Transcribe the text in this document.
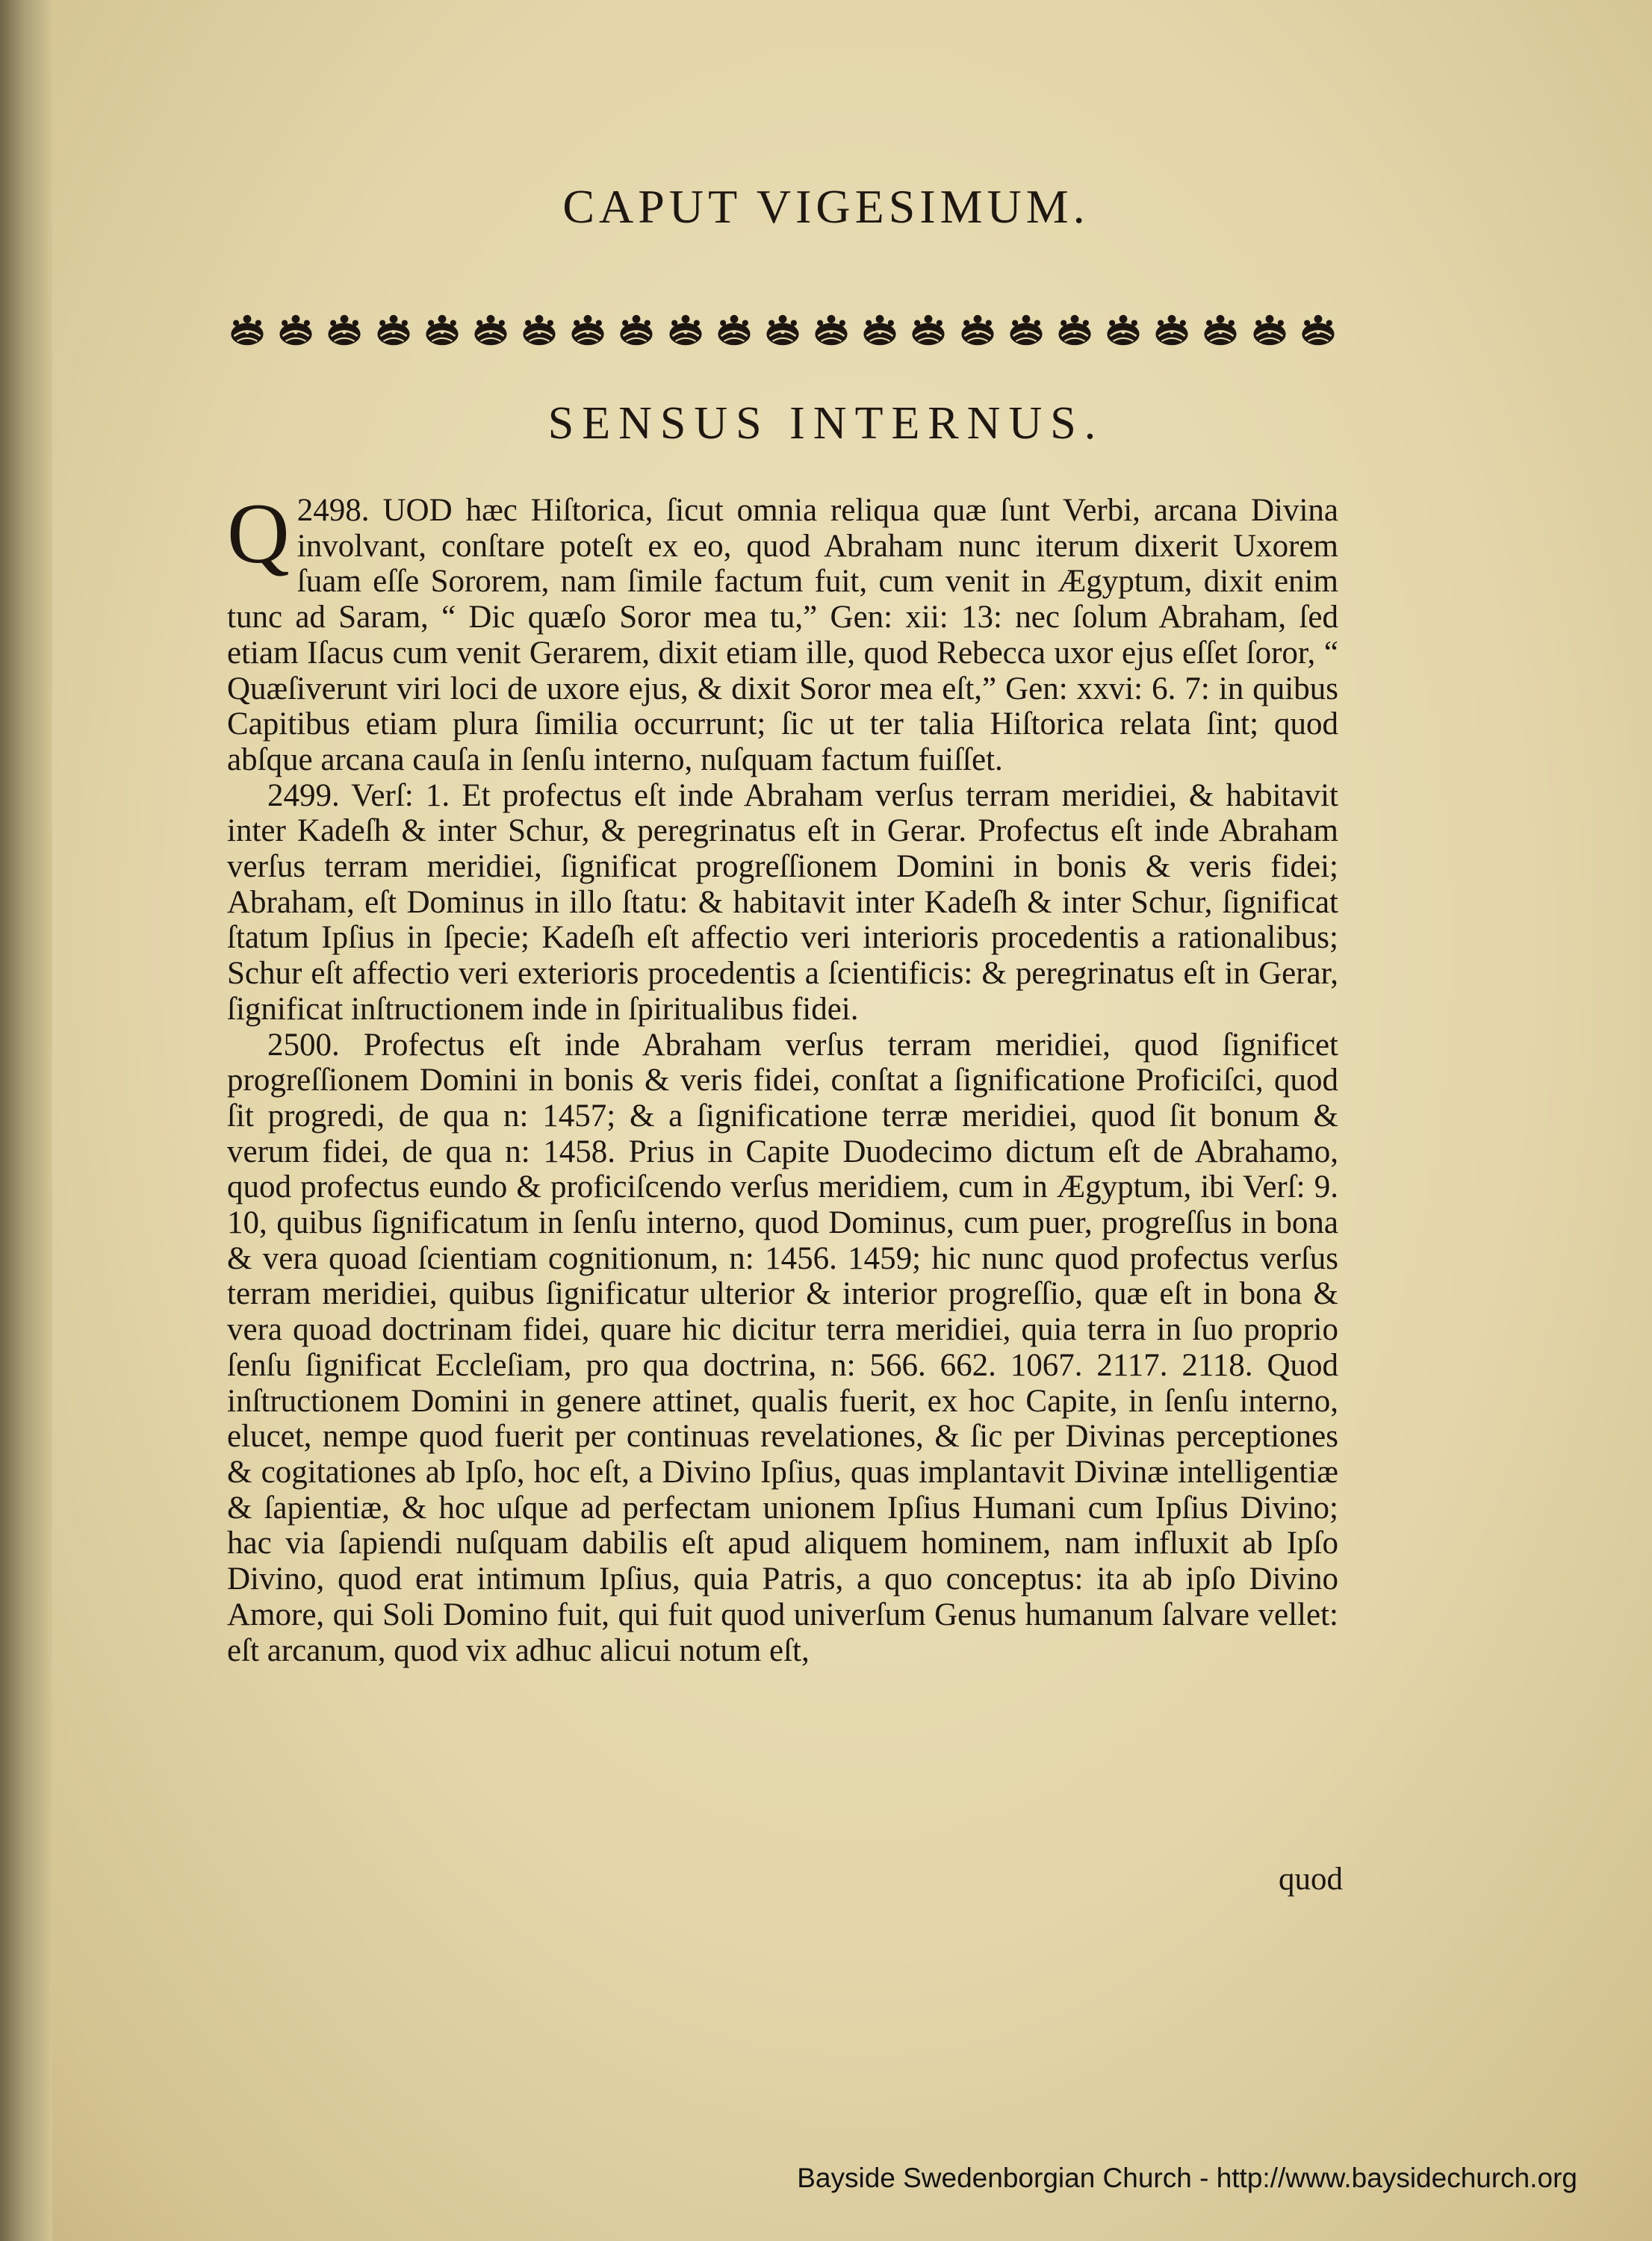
CAPUT VIGESIMUM.
SENSUS INTERNUS.

2498.
Q	UOD hæc Hiſtorica, ſicut omnia reliqua quæ ſunt Verbi, arcana Divina involvant, conſtare poteſt ex eo, quod Abraham nunc iterum dixerit Uxorem ſuam eſſe Sororem, nam ſimile factum fuit, cum venit in Ægyptum, dixit enim tunc ad Saram, “ Dic quæſo Soror mea tu,” Gen: xii: 13: nec ſolum Abraham, ſed etiam Iſacus cum venit Gerarem, dixit etiam ille, quod Rebecca uxor ejus eſſet ſoror, “ Quæſiverunt viri loci de uxore ejus, & dixit Soror mea eſt,” Gen: xxvi: 6. 7: in quibus Capitibus etiam plura ſimilia occurrunt; ſic ut ter talia Hiſtorica relata ſint; quod abſque arcana cauſa in ſenſu interno, nuſquam factum fuiſſet.

2499. Verſ: 1. Et profectus eſt inde Abraham verſus terram meridiei, & habitavit inter Kadeſh & inter Schur, & peregrinatus eſt in Gerar. Profectus eſt inde Abraham verſus terram meridiei, ſignificat progreſſionem Domini in bonis & veris fidei; Abraham, eſt Dominus in illo ſtatu: & habitavit inter Kadeſh & inter Schur, ſignificat ſtatum Ipſius in ſpecie; Kadeſh eſt affectio veri interioris procedentis a rationalibus; Schur eſt affectio veri exterioris procedentis a ſcientificis: & peregrinatus eſt in Gerar, ſignificat inſtructionem inde in ſpiritualibus fidei.

2500. Profectus eſt inde Abraham verſus terram meridiei, quod ſignificet progreſſionem Domini in bonis & veris fidei, conſtat a ſignificatione Proficiſci, quod ſit progredi, de qua n: 1457; & a ſignificatione terræ meridiei, quod ſit bonum & verum fidei, de qua n: 1458. Prius in Capite Duodecimo dictum eſt de Abrahamo, quod profectus eundo & proficiſcendo verſus meridiem, cum in Ægyptum, ibi Verſ: 9. 10, quibus ſignificatum in ſenſu interno, quod Dominus, cum puer, progreſſus in bona & vera quoad ſcientiam cognitionum, n: 1456. 1459; hic nunc quod profectus verſus terram meridiei, quibus ſignificatur ulterior & interior progreſſio, quæ eſt in bona & vera quoad doctrinam fidei, quare hic dicitur terra meridiei, quia terra in ſuo proprio ſenſu ſignificat Eccleſiam, pro qua doctrina, n: 566. 662. 1067. 2117. 2118. Quod inſtructionem Domini in genere attinet, qualis fuerit, ex hoc Capite, in ſenſu interno, elucet, nempe quod fuerit per continuas revelationes, & ſic per Divinas perceptiones & cogitationes ab Ipſo, hoc eſt, a Divino Ipſius, quas implantavit Divinæ intelligentiæ & ſapientiæ, & hoc uſque ad perfectam unionem Ipſius Humani cum Ipſius Divino; hac via ſapiendi nuſquam dabilis eſt apud aliquem hominem, nam influxit ab Ipſo Divino, quod erat intimum Ipſius, quia Patris, a quo conceptus: ita ab ipſo Divino Amore, qui Soli Domino fuit, qui fuit quod univerſum Genus humanum ſalvare vellet: eſt arcanum, quod vix adhuc alicui notum eſt,

quod
Bayside Swedenborgian Church - http://www.baysidechurch.org
